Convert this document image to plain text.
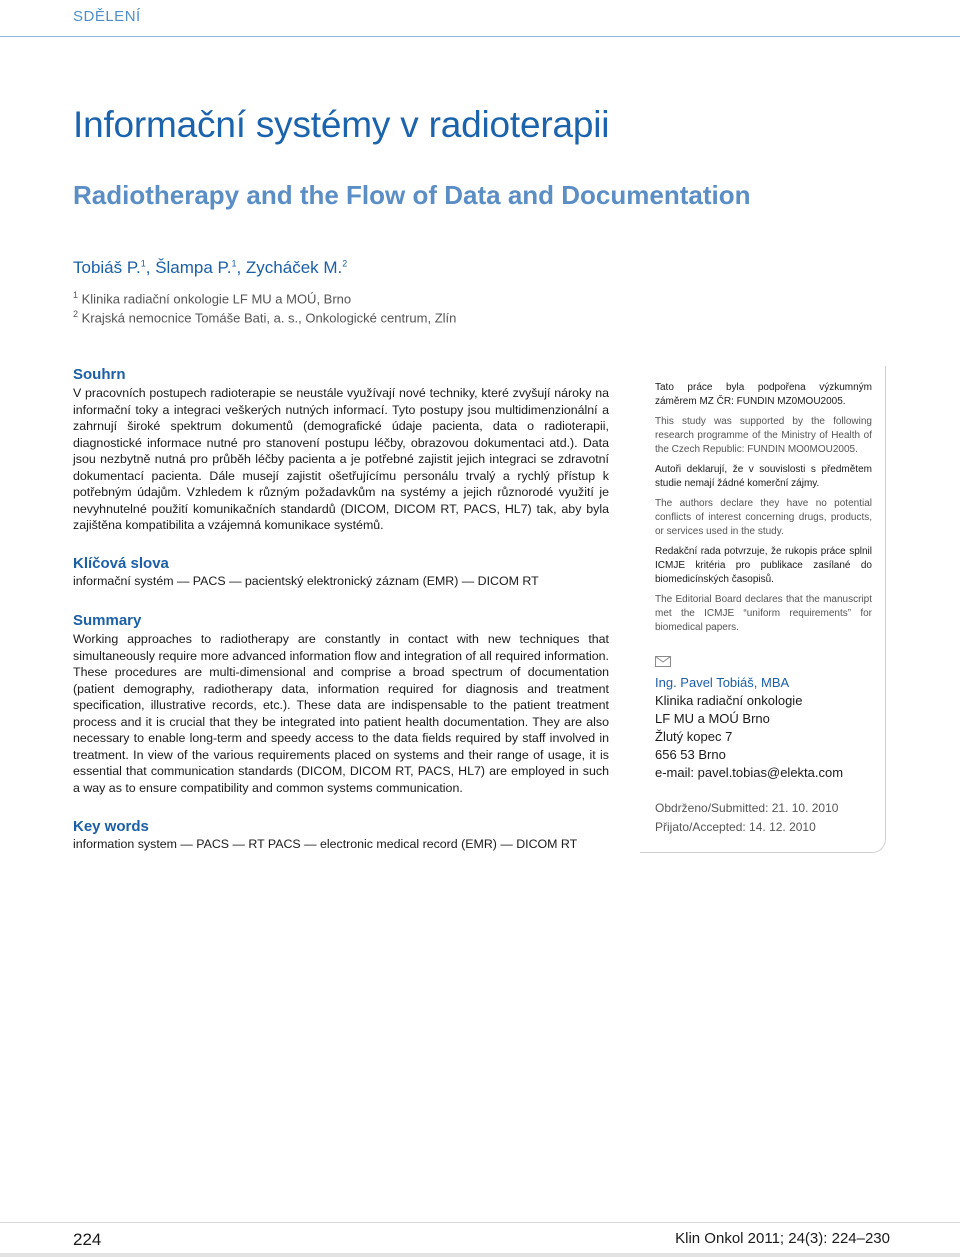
SDĚLENÍ
Informační systémy v radioterapii
Radiotherapy and the Flow of Data and Documentation
Tobiáš P.$^1$, Šlampa P.$^1$, Zycháček M.$^2$
$^1$ Klinika radiační onkologie LF MU a MOÚ, Brno
$^2$ Krajská nemocnice Tomáše Bati, a. s., Onkologické centrum, Zlín
Souhrn

V pracovních postupech radioterapie se neustále využívají nové techniky, které zvyšují nároky na informační toky a integraci veškerých nutných informací. Tyto postupy jsou multidimenzionální a zahrnují široké spektrum dokumentů (demografické údaje pacienta, data o radioterapii, diagnostické informace nutné pro stanovení postupu léčby, obrazovou dokumentaci atd.). Data jsou nezbytně nutná pro průběh léčby pacienta a je potřebné zajistit jejich integraci se zdravotní dokumentací pacienta. Dále musejí zajistit ošetřujícímu personálu trvalý a rychlý přístup k potřebným údajům. Vzhledem k různým požadavkům na systémy a jejich různorodé využití je nevyhnutelné použití komunikačních standardů (DICOM, DICOM RT, PACS, HL7) tak, aby byla zajištěna kompatibilita a vzájemná komunikace systémů.

Klíčová slova

informační systém — PACS — pacientský elektronický záznam (EMR) — DICOM RT

Summary

Working approaches to radiotherapy are constantly in contact with new techniques that simultaneously require more advanced information flow and integration of all required information. These procedures are multi-dimensional and comprise a broad spectrum of documentation (patient demography, radiotherapy data, information required for diagnosis and treatment specification, illustrative records, etc.). These data are indispensable to the patient treatment process and it is crucial that they be integrated into patient health documentation. They are also necessary to enable long-term and speedy access to the data fields required by staff involved in treatment. In view of the various requirements placed on systems and their range of usage, it is essential that communication standards (DICOM, DICOM RT, PACS, HL7) are employed in such a way as to ensure compatibility and common systems communication.

Key words

information system — PACS — RT PACS — electronic medical record (EMR) — DICOM RT

Tato práce byla podpořena výzkumným záměrem MZ ČR: FUNDIN MZ0MOU2005.

This study was supported by the following research programme of the Ministry of Health of the Czech Republic: FUNDIN MO0MOU2005.

Autoři deklarují, že v souvislosti s předmětem studie nemají žádné komerční zájmy.

The authors declare they have no potential conflicts of interest concerning drugs, products, or services used in the study.

Redakční rada potvrzuje, že rukopis práce splnil ICMJE kritéria pro publikace zasílané do biomedicínských časopisů.

The Editorial Board declares that the manuscript met the ICMJE “uniform requirements” for biomedical papers.

Ing. Pavel Tobiáš, MBA
Klinika radiační onkologie
LF MU a MOÚ Brno
Žlutý kopec 7
656 53 Brno
e-mail: pavel.tobias@elekta.com
Obdrženo/Submitted: 21. 10. 2010
Přijato/Accepted: 14. 12. 2010
224	Klin Onkol 2011; 24(3): 224–230
